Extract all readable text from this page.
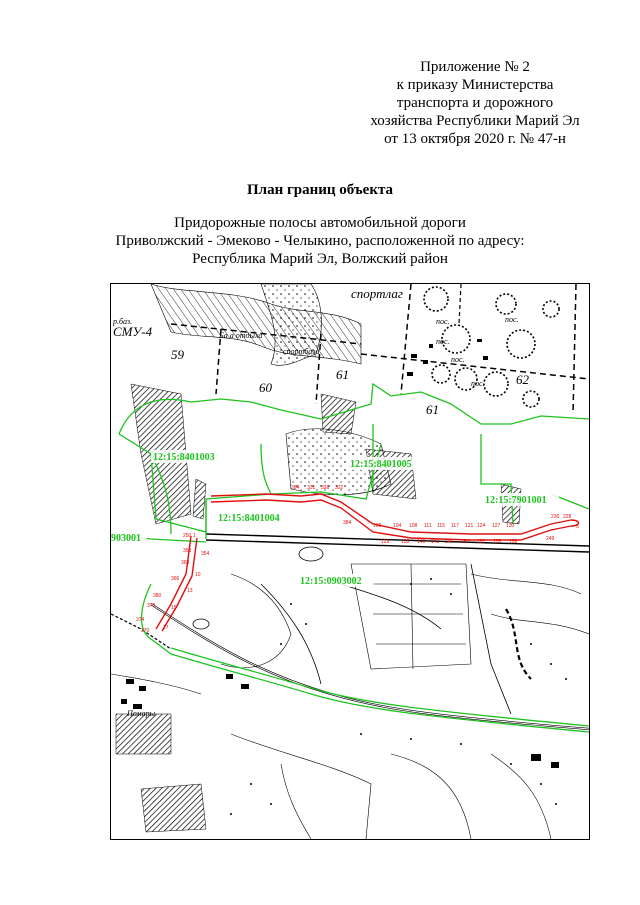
Приложение № 2
к приказу Министерства
транспорта и дорожного
хозяйства Республики Марий Эл
от 13 октября 2020 г. № 47-н
План границ объекта
Придорожные полосы автомобильной дороги
Приволжский - Эмеково - Челыкино, расположенной по адресу:
Республика Марий Эл, Волжский район
спортлаг
р.баз.
СМУ-4
59
Ба а отдыха
спортбаза
60
61
61
62
пос.
пос.
пос.
пос.
пос.
Помары
384	100 104 108 111 115 117 121 124 127 130
123 138 140 143 146 150 152 155 158
358 354
363
10
366
13
380
378	15
17
374
370
250 1
384 331 326 322
236 228
249
5
12:15:8401003
12:15:8401005
12:15:7901001
12:15:8401004
903001
12:15:0903002
